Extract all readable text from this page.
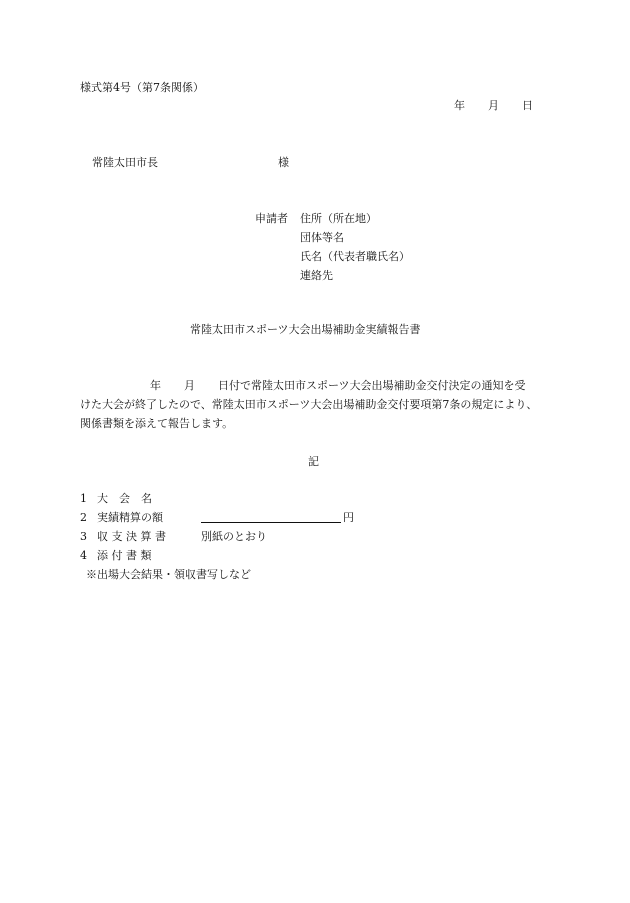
様式第4号（第7条関係）
年 月 日
常陸太田市長	様
申請者 住所（所在地）
団体等名
氏名（代表者職氏名）
連絡先
常陸太田市スポーツ大会出場補助金実績報告書
年 月 日付で常陸太田市スポーツ大会出場補助金交付決定の通知を受
けた大会が終了したので、常陸太田市スポーツ大会出場補助金交付要項第7条の規定により、
関係書類を添えて報告します。
記
1 大　会　名
2 実績精算の額	円
3 収 支 決 算 書	別紙のとおり
4 添 付 書 類
※出場大会結果・領収書写しなど
